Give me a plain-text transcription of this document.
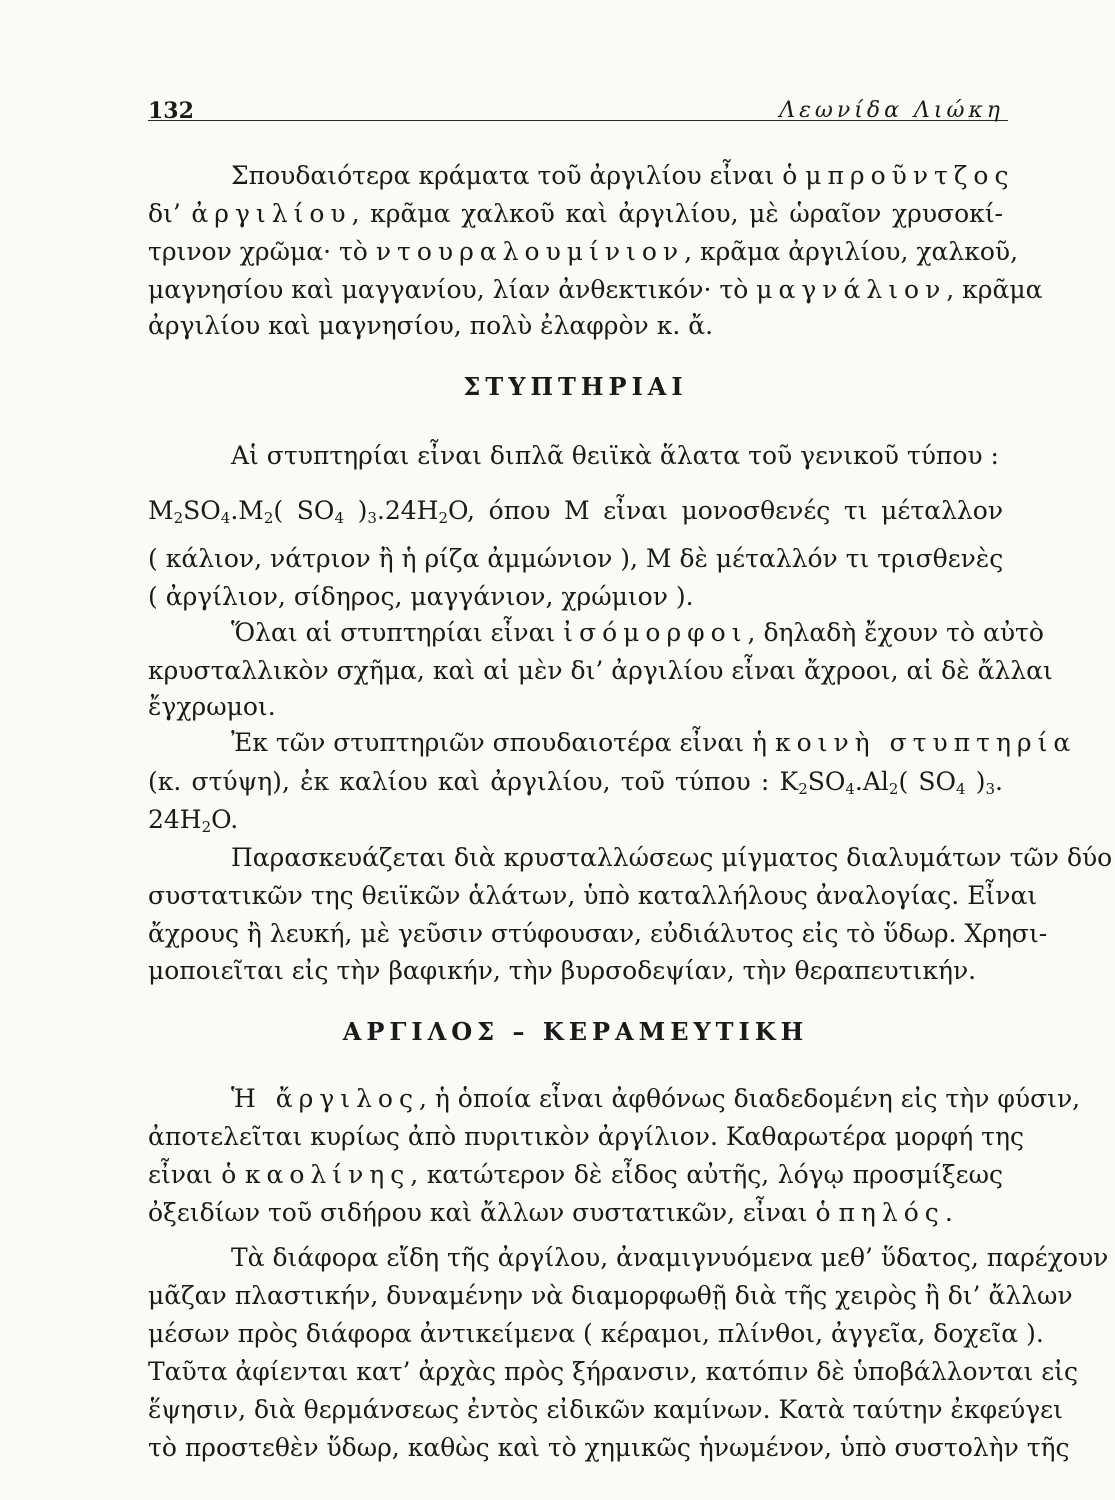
132	Λεωνίδα Λιώκη
Σπουδαιότερα κράματα τοῦ ἀργιλίου εἶναι ὁ μπροῦντζος
δι’ ἀργιλίου, κρᾶμα χαλκοῦ καὶ ἀργιλίου, μὲ ὡραῖον χρυσοκί-
τρινον χρῶμα· τὸ ντουραλουμίνιον, κρᾶμα ἀργιλίου, χαλκοῦ,
μαγνησίου καὶ μαγγανίου, λίαν ἀνθεκτικόν· τὸ μαγνάλιον, κρᾶμα
ἀργιλίου καὶ μαγνησίου, πολὺ ἐλαφρὸν κ. ἄ.
ΣΤΥΠΤΗΡΙΑΙ
Αἱ στυπτηρίαι εἶναι διπλᾶ θειϊκὰ ἅλατα τοῦ γενικοῦ τύπου :
$M_2SO_4.M_2$( $SO_4$ )$_3.24H_2O$, όπου Μ εἶναι μονοσθενές τι μέταλλον
( κάλιον, νάτριον ἢ ἡ ρίζα ἀμμώνιον ), Μ δὲ μέταλλόν τι τρισθενὲς
( ἀργίλιον, σίδηρος, μαγγάνιον, χρώμιον ).
Ὅλαι αἱ στυπτηρίαι εἶναι ἰσόμορφοι, δηλαδὴ ἔχουν τὸ αὐτὸ
κρυσταλλικὸν σχῆμα, καὶ αἱ μὲν δι’ ἀργιλίου εἶναι ἄχροοι, αἱ δὲ ἄλλαι
ἔγχρωμοι.
Ἐκ τῶν στυπτηριῶν σπουδαιοτέρα εἶναι ἡ κοινὴ στυπτηρία
(κ. στύψη), ἐκ καλίου καὶ ἀργιλίου, τοῦ τύπου : $K_2SO_4.Al_2$( $SO_4$ )$_3$.
$24H_2O$.
Παρασκευάζεται διὰ κρυσταλλώσεως μίγματος διαλυμάτων τῶν δύο
συστατικῶν της θειϊκῶν ἁλάτων, ὑπὸ καταλλήλους ἀναλογίας. Εἶναι
ἄχρους ἢ λευκή, μὲ γεῦσιν στύφουσαν, εὐδιάλυτος εἰς τὸ ὕδωρ. Χρησι-
μοποιεῖται εἰς τὴν βαφικήν, τὴν βυρσοδεψίαν, τὴν θεραπευτικήν.
ΑΡΓΙΛΟΣ – ΚΕΡΑΜΕΥΤΙΚΗ
Ἡ ἄργιλος, ἡ ὁποία εἶναι ἀφθόνως διαδεδομένη εἰς τὴν φύσιν,
ἀποτελεῖται κυρίως ἀπὸ πυριτικὸν ἀργίλιον. Καθαρωτέρα μορφή της
εἶναι ὁ καολίνης, κατώτερον δὲ εἶδος αὐτῆς, λόγῳ προσμίξεως
ὀξειδίων τοῦ σιδήρου καὶ ἄλλων συστατικῶν, εἶναι ὁ πηλός.
Τὰ διάφορα εἴδη τῆς ἀργίλου, ἀναμιγνυόμενα μεθ’ ὕδατος, παρέχουν
μᾶζαν πλαστικήν, δυναμένην νὰ διαμορφωθῇ διὰ τῆς χειρὸς ἢ δι’ ἄλλων
μέσων πρὸς διάφορα ἀντικείμενα ( κέραμοι, πλίνθοι, ἀγγεῖα, δοχεῖα ).
Ταῦτα ἀφίενται κατ’ ἀρχὰς πρὸς ξήρανσιν, κατόπιν δὲ ὑποβάλλονται εἰς
ἕψησιν, διὰ θερμάνσεως ἐντὸς εἰδικῶν καμίνων. Κατὰ ταύτην ἐκφεύγει
τὸ προστεθὲν ὕδωρ, καθὼς καὶ τὸ χημικῶς ἡνωμένον, ὑπὸ συστολὴν τῆς
